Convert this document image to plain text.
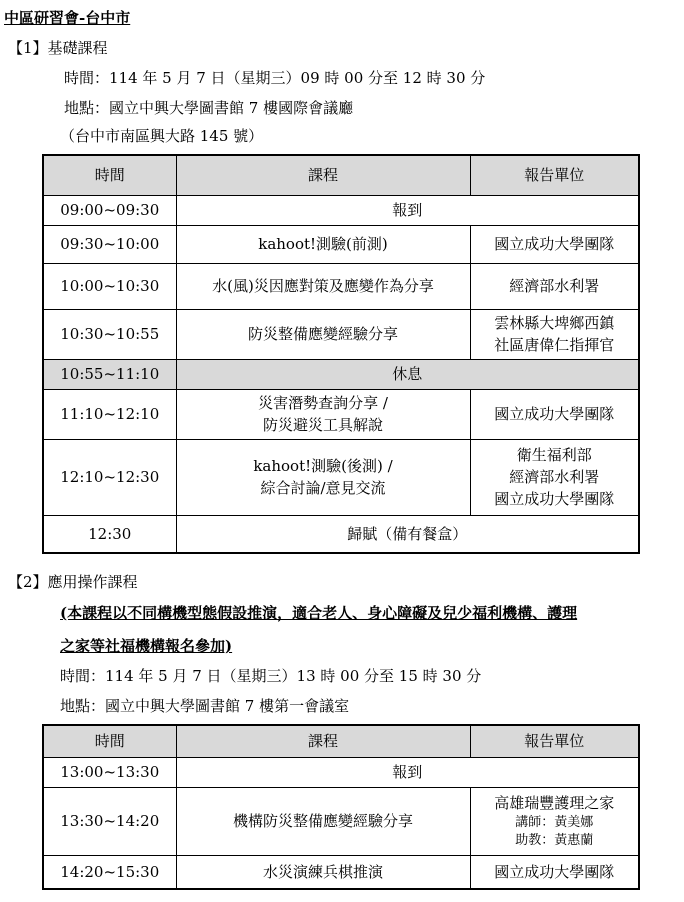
中區研習會-台中市
【1】基礎課程
時間：114 年 5 月 7 日（星期三）09 時 00 分至 12 時 30 分
地點：國立中興大學圖書館 7 樓國際會議廳
（台中市南區興大路 145 號）
時間	課程	報告單位
09:00~09:30	報到	

09:30~10:00	kahoot!測驗(前測)	國立成功大學團隊

10:00~10:30	水(風)災因應對策及應變作為分享	經濟部水利署

10:30~10:55	防災整備應變經驗分享	雲林縣大埤鄉西鎮
社區唐偉仁指揮官

10:55~11:10	休息	

11:10~12:10	災害潛勢查詢分享 /
防災避災工具解說	國立成功大學團隊

12:10~12:30	kahoot!測驗(後測) /
綜合討論/意見交流	衛生福利部
經濟部水利署
國立成功大學團隊

12:30	歸賦（備有餐盒）	
【2】應用操作課程
(本課程以不同構機型態假設推演，適合老人、身心障礙及兒少福利機構、護理
之家等社福機構報名參加)
時間：114 年 5 月 7 日（星期三）13 時 00 分至 15 時 30 分
地點：國立中興大學圖書館 7 樓第一會議室
時間	課程	報告單位
13:00~13:30	報到	

13:30~14:20	機構防災整備應變經驗分享	高雄瑞豐護理之家
講師：黃美娜
助教：黃惠蘭

14:20~15:30	水災演練兵棋推演	國立成功大學團隊
